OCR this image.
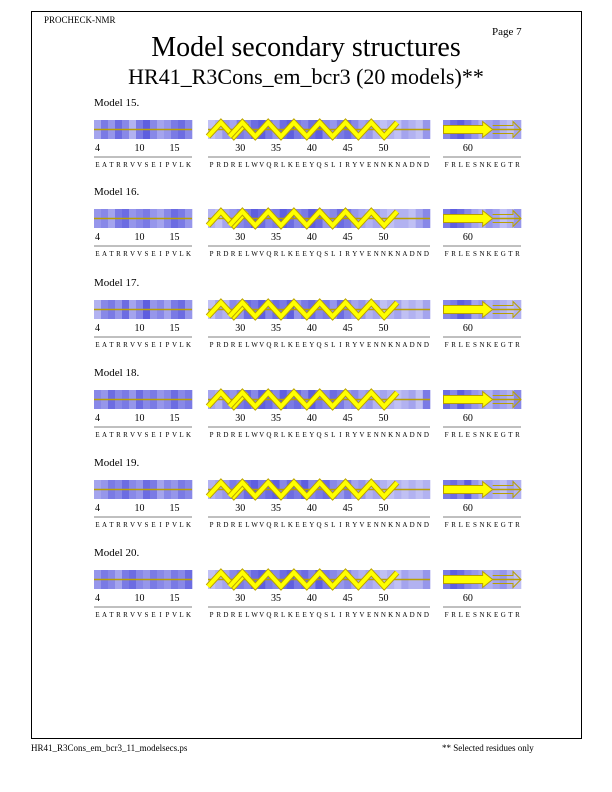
PROCHECK-NMR
Page 7
Model secondary structures
HR41_R3Cons_em_bcr3 (20 models)**
Model 15.
4	10	15
E A T R R V V S E I P V L K
30	35	40	45	50
P R D R E L W V Q R L K E E Y Q S L I R Y V E N N K N A D N D
60
F R L E S N K E G T R
Model 16.
4	10	15
E A T R R V V S E I P V L K
30	35	40	45	50
P R D R E L W V Q R L K E E Y Q S L I R Y V E N N K N A D N D
60
F R L E S N K E G T R
Model 17.
4	10	15
E A T R R V V S E I P V L K
30	35	40	45	50
P R D R E L W V Q R L K E E Y Q S L I R Y V E N N K N A D N D
60
F R L E S N K E G T R
Model 18.
4	10	15
E A T R R V V S E I P V L K
30	35	40	45	50
P R D R E L W V Q R L K E E Y Q S L I R Y V E N N K N A D N D
60
F R L E S N K E G T R
Model 19.
4	10	15
E A T R R V V S E I P V L K
30	35	40	45	50
P R D R E L W V Q R L K E E Y Q S L I R Y V E N N K N A D N D
60
F R L E S N K E G T R
Model 20.
4	10	15
E A T R R V V S E I P V L K
30	35	40	45	50
P R D R E L W V Q R L K E E Y Q S L I R Y V E N N K N A D N D
60
F R L E S N K E G T R
HR41_R3Cons_em_bcr3_11_modelsecs.ps	** Selected residues only
